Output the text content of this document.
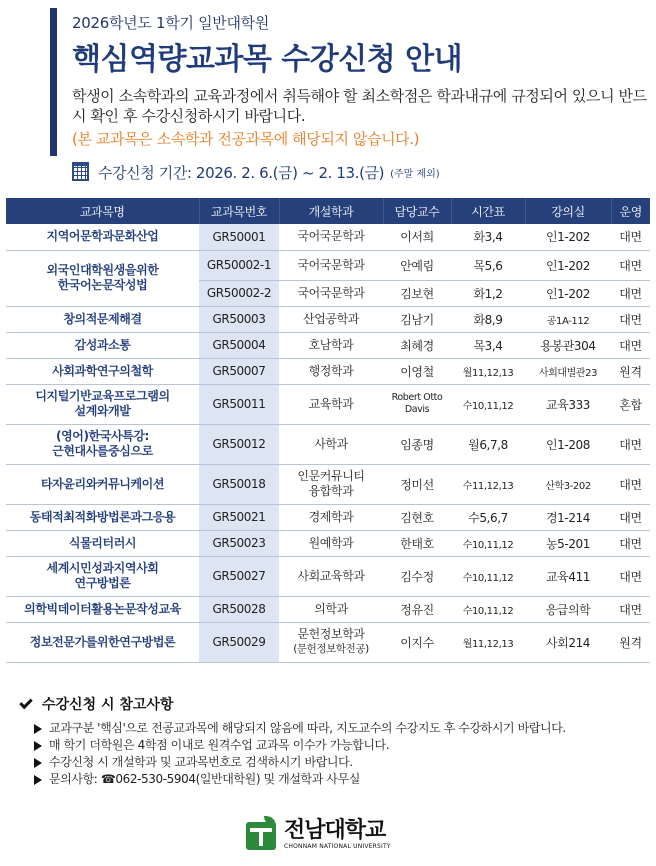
2026학년도 1학기 일반대학원
핵심역량교과목 수강신청 안내
학생이 소속학과의 교육과정에서 취득해야 할 최소학점은 학과내규에 규정되어 있으니 반드시 확인 후 수강신청하시기 바랍니다.
(본 교과목은 소속학과 전공과목에 해당되지 않습니다.)
수강신청 기간: 2026. 2. 6.(금) ~ 2. 13.(금) (주말 제외)
교과목명	교과목번호	개설학과	담당교수	시간표	강의실	운영
지역어문학과문화산업	GR50001	국어국문학과	이서희	화3,4	인1-202	대면
외국인대학원생을위한
한국어논문작성법	GR50002-1	국어국문학과	안예림	목5,6	인1-202	대면
	GR50002-2	국어국문학과	김보현	화1,2	인1-202	대면
창의적문제해결	GR50003	산업공학과	김남기	화8,9	공1A-112	대면
감성과소통	GR50004	호남학과	최혜경	목3,4	용봉관304	대면
사회과학연구의철학	GR50007	행정학과	이영철	월11,12,13	사회대별관23	원격
디지털기반교육프로그램의
설계와개발	GR50011	교육학과	Robert Otto
Davis	수10,11,12	교육333	혼합
(영어)한국사특강:
근현대사를중심으로	GR50012	사학과	임종명	월6,7,8	인1-208	대면
타자윤리와커뮤니케이션	GR50018	인문커뮤니티
융합학과	정미선	수11,12,13	산학3-202	대면
동태적최적화방법론과그응용	GR50021	경제학과	김현호	수5,6,7	경1-214	대면
식물리터러시	GR50023	원예학과	한태호	수10,11,12	농5-201	대면
세계시민성과지역사회
연구방법론	GR50027	사회교육학과	김수정	수10,11,12	교육411	대면
의학빅데이터활용논문작성교육	GR50028	의학과	정유진	수10,11,12	응급의학	대면
정보전문가를위한연구방법론	GR50029	문헌정보학과
(문헌정보학전공)	이지수	월11,12,13	사회214	원격
수강신청 시 참고사항
교과구분 '핵심'으로 전공교과목에 해당되지 않음에 따라, 지도교수의 수강지도 후 수강하시기 바랍니다.
매 학기 더학원은 4학점 이내로 원격수업 교과목 이수가 가능합니다.
수강신청 시 개설학과 및 교과목번호로 검색하시기 바랍니다.
문의사항: ☎062-530-5904(일반대학원) 및 개설학과 사무실
전남대학교
CHONNAM NATIONAL UNIVERSITY
